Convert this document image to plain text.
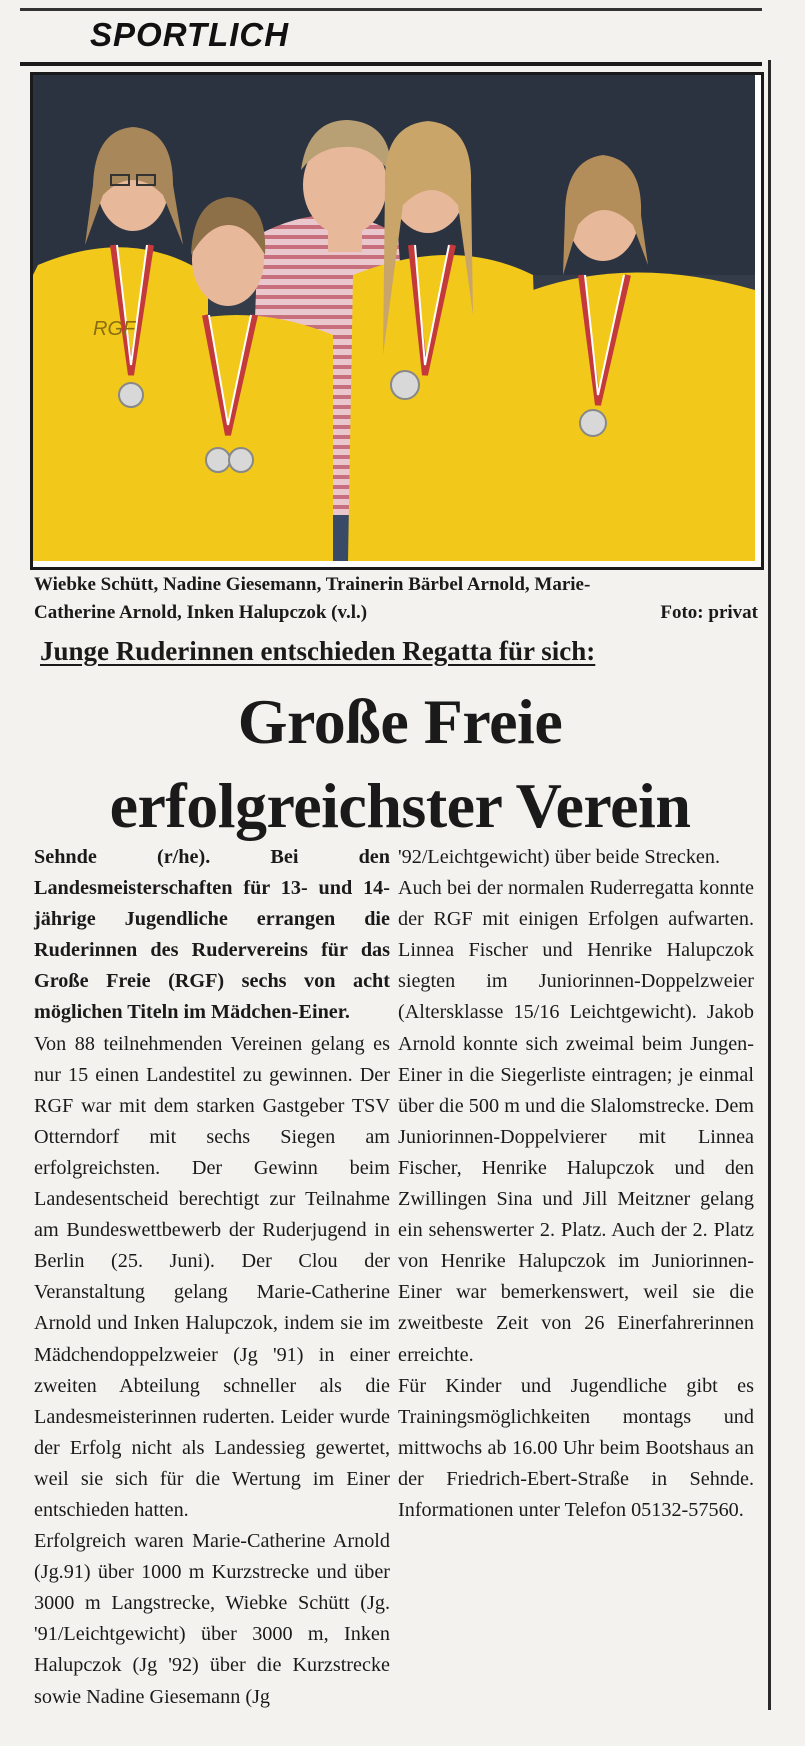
SPORTLICH
RGF
Wiebke Schütt, Nadine Giesemann, Trainerin Bärbel Arnold, Marie-
Catherine Arnold, Inken Halupczok (v.l.)	Foto: privat
Junge Ruderinnen entschieden Regatta für sich:
Große Freie
erfolgreichster Verein

Sehnde (r/he). Bei den Landesmeisterschaften für 13- und 14-jährige Jugendliche errangen die Ruderinnen des Rudervereins für das Große Freie (RGF) sechs von acht möglichen Titeln im Mädchen-Einer.

Von 88 teilnehmenden Vereinen gelang es nur 15 einen Landestitel zu gewinnen. Der RGF war mit dem starken Gastgeber TSV Otterndorf mit sechs Siegen am erfolgreichsten. Der Gewinn beim Landesentscheid berechtigt zur Teilnahme am Bundeswettbewerb der Ruderjugend in Berlin (25. Juni). Der Clou der Veranstaltung gelang Marie-Catherine Arnold und Inken Halupczok, indem sie im Mädchendoppelzweier (Jg '91) in einer zweiten Abteilung schneller als die Landesmeisterinnen ruderten. Leider wurde der Erfolg nicht als Landessieg gewertet, weil sie sich für die Wertung im Einer entschieden hatten.

Erfolgreich waren Marie-Catherine Arnold (Jg.91) über 1000 m Kurzstrecke und über 3000 m Langstrecke, Wiebke Schütt (Jg. '91/Leichtgewicht) über 3000 m, Inken Halupczok (Jg '92) über die Kurzstrecke sowie Nadine Giesemann (Jg

'92/Leichtgewicht) über beide Strecken.

Auch bei der normalen Ruderregatta konnte der RGF mit einigen Erfolgen aufwarten. Linnea Fischer und Henrike Halupczok siegten im Juniorinnen-Doppelzweier (Altersklasse 15/16 Leichtgewicht). Jakob Arnold konnte sich zweimal beim Jungen-Einer in die Siegerliste eintragen; je einmal über die 500 m und die Slalomstrecke. Dem Juniorinnen-Doppelvierer mit Linnea Fischer, Henrike Halupczok und den Zwillingen Sina und Jill Meitzner gelang ein sehenswerter 2. Platz. Auch der 2. Platz von Henrike Halupczok im Juniorinnen-Einer war bemerkenswert, weil sie die zweitbeste Zeit von 26 Einerfahrerinnen erreichte.

Für Kinder und Jugendliche gibt es Trainingsmöglichkeiten montags und mittwochs ab 16.00 Uhr beim Bootshaus an der Friedrich-Ebert-Straße in Sehnde. Informationen unter Telefon 05132-57560.
